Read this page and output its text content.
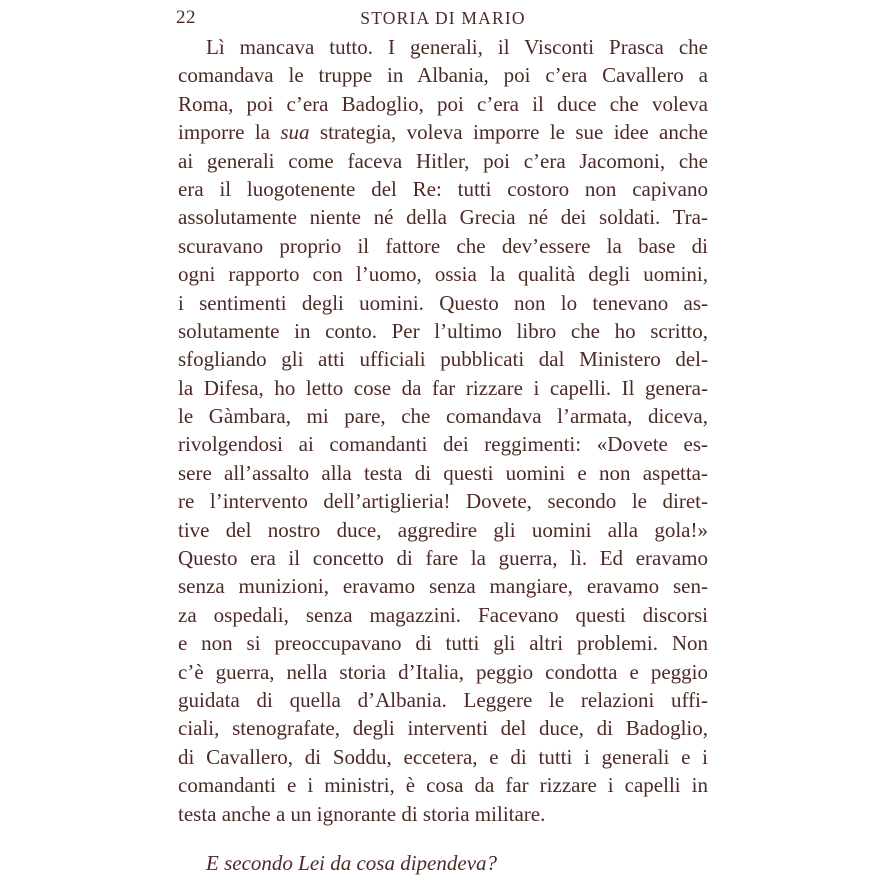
22	STORIA DI MARIO
Lì mancava tutto. I generali, il Visconti Prasca che
comandava le truppe in Albania, poi c’era Cavallero a
Roma, poi c’era Badoglio, poi c’era il duce che voleva
imporre la sua strategia, voleva imporre le sue idee anche
ai generali come faceva Hitler, poi c’era Jacomoni, che
era il luogotenente del Re: tutti costoro non capivano
assolutamente niente né della Grecia né dei soldati. Tra-
scuravano proprio il fattore che dev’essere la base di
ogni rapporto con l’uomo, ossia la qualità degli uomini,
i sentimenti degli uomini. Questo non lo tenevano as-
solutamente in conto. Per l’ultimo libro che ho scritto,
sfogliando gli atti ufficiali pubblicati dal Ministero del-
la Difesa, ho letto cose da far rizzare i capelli. Il genera-
le Gàmbara, mi pare, che comandava l’armata, diceva,
rivolgendosi ai comandanti dei reggimenti: «Dovete es-
sere all’assalto alla testa di questi uomini e non aspetta-
re l’intervento dell’artiglieria! Dovete, secondo le diret-
tive del nostro duce, aggredire gli uomini alla gola!»
Questo era il concetto di fare la guerra, lì. Ed eravamo
senza munizioni, eravamo senza mangiare, eravamo sen-
za ospedali, senza magazzini. Facevano questi discorsi
e non si preoccupavano di tutti gli altri problemi. Non
c’è guerra, nella storia d’Italia, peggio condotta e peggio
guidata di quella d’Albania. Leggere le relazioni uffi-
ciali, stenografate, degli interventi del duce, di Badoglio,
di Cavallero, di Soddu, eccetera, e di tutti i generali e i
comandanti e i ministri, è cosa da far rizzare i capelli in
testa anche a un ignorante di storia militare.
E secondo Lei da cosa dipendeva?
